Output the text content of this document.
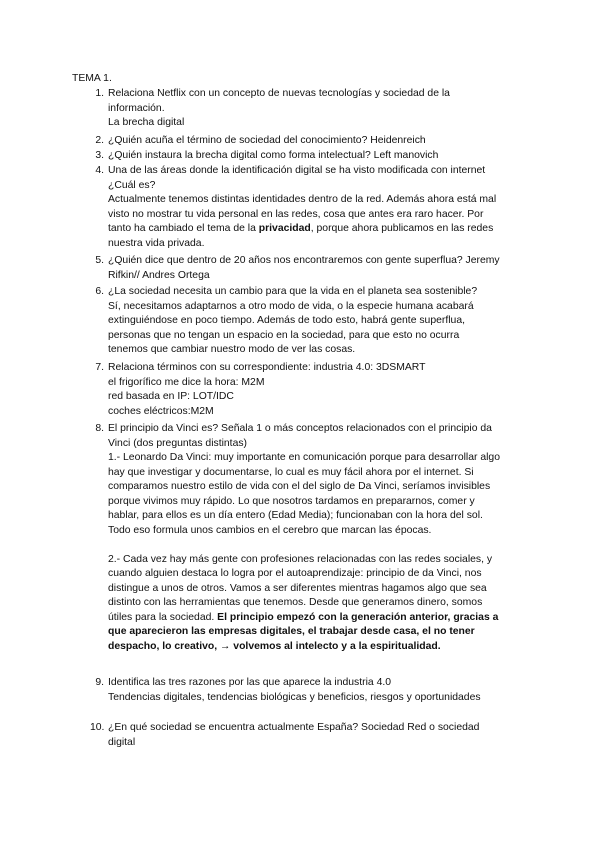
TEMA 1.
1. Relaciona Netflix con un concepto de nuevas tecnologías y sociedad de la
información.
La brecha digital
2. ¿Quién acuña el término de sociedad del conocimiento? Heidenreich
3. ¿Quién instaura la brecha digital como forma intelectual? Left manovich
4. Una de las áreas donde la identificación digital se ha visto modificada con internet
¿Cuál es?
Actualmente tenemos distintas identidades dentro de la red. Además ahora está mal
visto no mostrar tu vida personal en las redes, cosa que antes era raro hacer. Por
tanto ha cambiado el tema de la privacidad, porque ahora publicamos en las redes
nuestra vida privada.
5. ¿Quién dice que dentro de 20 años nos encontraremos con gente superflua? Jeremy
Rifkin// Andres Ortega
6. ¿La sociedad necesita un cambio para que la vida en el planeta sea sostenible?
Sí, necesitamos adaptarnos a otro modo de vida, o la especie humana acabará
extinguiéndose en poco tiempo. Además de todo esto, habrá gente superflua,
personas que no tengan un espacio en la sociedad, para que esto no ocurra
tenemos que cambiar nuestro modo de ver las cosas.
7. Relaciona términos con su correspondiente: industria 4.0: 3DSMART
el frigorífico me dice la hora: M2M
red basada en IP: LOT/IDC
coches eléctricos:M2M
8. El principio da Vinci es? Señala 1 o más conceptos relacionados con el principio da
Vinci (dos preguntas distintas)
1.- Leonardo Da Vinci: muy importante en comunicación porque para desarrollar algo
hay que investigar y documentarse, lo cual es muy fácil ahora por el internet. Si
comparamos nuestro estilo de vida con el del siglo de Da Vinci, seríamos invisibles
porque vivimos muy rápido. Lo que nosotros tardamos en prepararnos, comer y
hablar, para ellos es un día entero (Edad Media); funcionaban con la hora del sol.
Todo eso formula unos cambios en el cerebro que marcan las épocas.
2.- Cada vez hay más gente con profesiones relacionadas con las redes sociales, y
cuando alguien destaca lo logra por el autoaprendizaje: principio de da Vinci, nos
distingue a unos de otros. Vamos a ser diferentes mientras hagamos algo que sea
distinto con las herramientas que tenemos. Desde que generamos dinero, somos
útiles para la sociedad. El principio empezó con la generación anterior, gracias a
que aparecieron las empresas digitales, el trabajar desde casa, el no tener
despacho, lo creativo, → volvemos al intelecto y a la espiritualidad.
9. Identifica las tres razones por las que aparece la industria 4.0
Tendencias digitales, tendencias biológicas y beneficios, riesgos y oportunidades
10. ¿En qué sociedad se encuentra actualmente España? Sociedad Red o sociedad
digital
